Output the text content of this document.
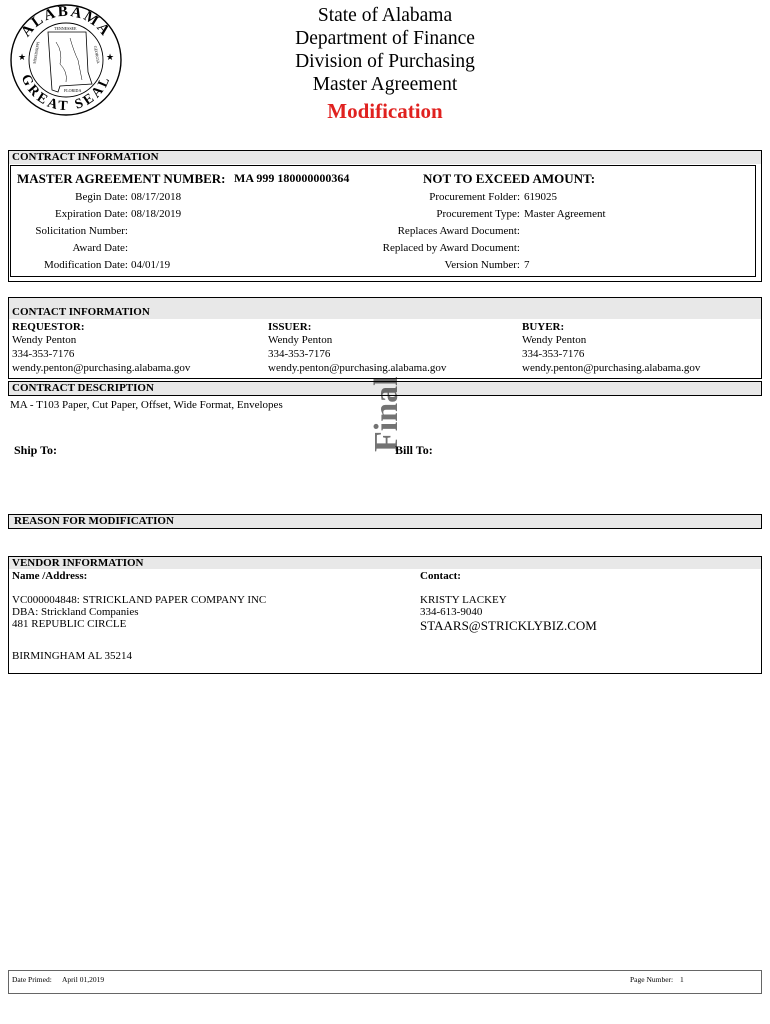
ALABAMA
GREAT SEAL
★	★
TENNESSEE
MISSISSIPPI	GEORGIA
FLORIDA
State of Alabama
Department of Finance
Division of Purchasing
Master Agreement
Modification
CONTRACT INFORMATION
MASTER AGREEMENT NUMBER: MA 999 180000000364	NOT TO EXCEED AMOUNT:
Begin Date: 08/17/2018
Expiration Date: 08/18/2019
Solicitation Number:
Award Date:
Modification Date: 04/01/19
Procurement Folder: 619025
Procurement Type: Master Agreement
Replaces Award Document:
Replaced by Award Document:
Version Number: 7
CONTACT INFORMATION
REQUESTOR:
Wendy Penton
334-353-7176
wendy.penton@purchasing.alabama.gov
ISSUER:
Wendy Penton
334-353-7176
wendy.penton@purchasing.alabama.gov
BUYER:
Wendy Penton
334-353-7176
wendy.penton@purchasing.alabama.gov
CONTRACT DESCRIPTION
MA - T103 Paper, Cut Paper, Offset, Wide Format, Envelopes	Final
Ship To:	Bill To:
REASON FOR MODIFICATION
VENDOR INFORMATION
Name /Address:	Contact:
VC000004848: STRICKLAND PAPER COMPANY INC
DBA: Strickland Companies
481 REPUBLIC CIRCLE
BIRMINGHAM AL 35214
KRISTY LACKEY
334-613-9040
STAARS@STRICKLYBIZ.COM
Date Primed: April 01,2019	Page Number: 1
